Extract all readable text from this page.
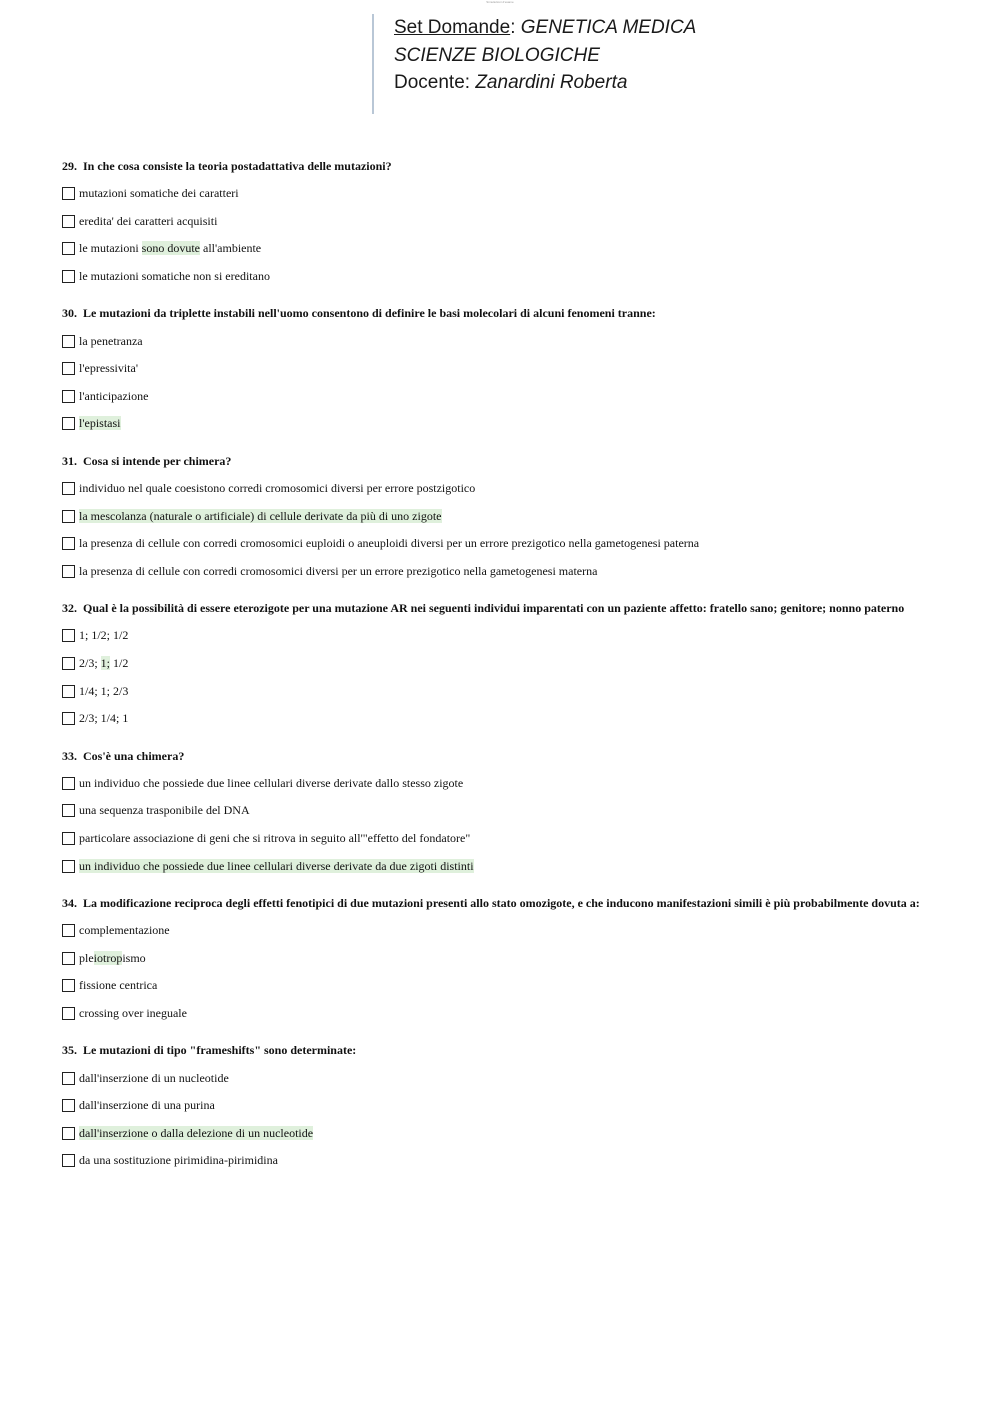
Simulazioni d'esame
Set Domande: GENETICA MEDICA
SCIENZE BIOLOGICHE
Docente: Zanardini Roberta
29. In che cosa consiste la teoria postadattativa delle mutazioni?
mutazioni somatiche dei caratteri
eredita' dei caratteri acquisiti
le mutazioni sono dovute all'ambiente
le mutazioni somatiche non si ereditano
30. Le mutazioni da triplette instabili nell'uomo consentono di definire le basi molecolari di alcuni fenomeni tranne:
la penetranza
l'epressivita'
l'anticipazione
l'epistasi
31. Cosa si intende per chimera?
individuo nel quale coesistono corredi cromosomici diversi per errore postzigotico
la mescolanza (naturale o artificiale) di cellule derivate da più di uno zigote
la presenza di cellule con corredi cromosomici euploidi o aneuploidi diversi per un errore prezigotico nella gametogenesi paterna
la presenza di cellule con corredi cromosomici diversi per un errore prezigotico nella gametogenesi materna
32. Qual è la possibilità di essere eterozigote per una mutazione AR nei seguenti individui imparentati con un paziente affetto: fratello sano; genitore; nonno paterno
1; 1/2; 1/2
2/3; 1; 1/2
1/4; 1; 2/3
2/3; 1/4; 1
33. Cos'è una chimera?
un individuo che possiede due linee cellulari diverse derivate dallo stesso zigote
una sequenza trasponibile del DNA
particolare associazione di geni che si ritrova in seguito all'"effetto del fondatore"
un individuo che possiede due linee cellulari diverse derivate da due zigoti distinti
34. La modificazione reciproca degli effetti fenotipici di due mutazioni presenti allo stato omozigote, e che inducono manifestazioni simili è più probabilmente dovuta a:
complementazione
pleiotropismo
fissione centrica
crossing over ineguale
35. Le mutazioni di tipo "frameshifts" sono determinate:
dall'inserzione di un nucleotide
dall'inserzione di una purina
dall'inserzione o dalla delezione di un nucleotide
da una sostituzione pirimidina-pirimidina
